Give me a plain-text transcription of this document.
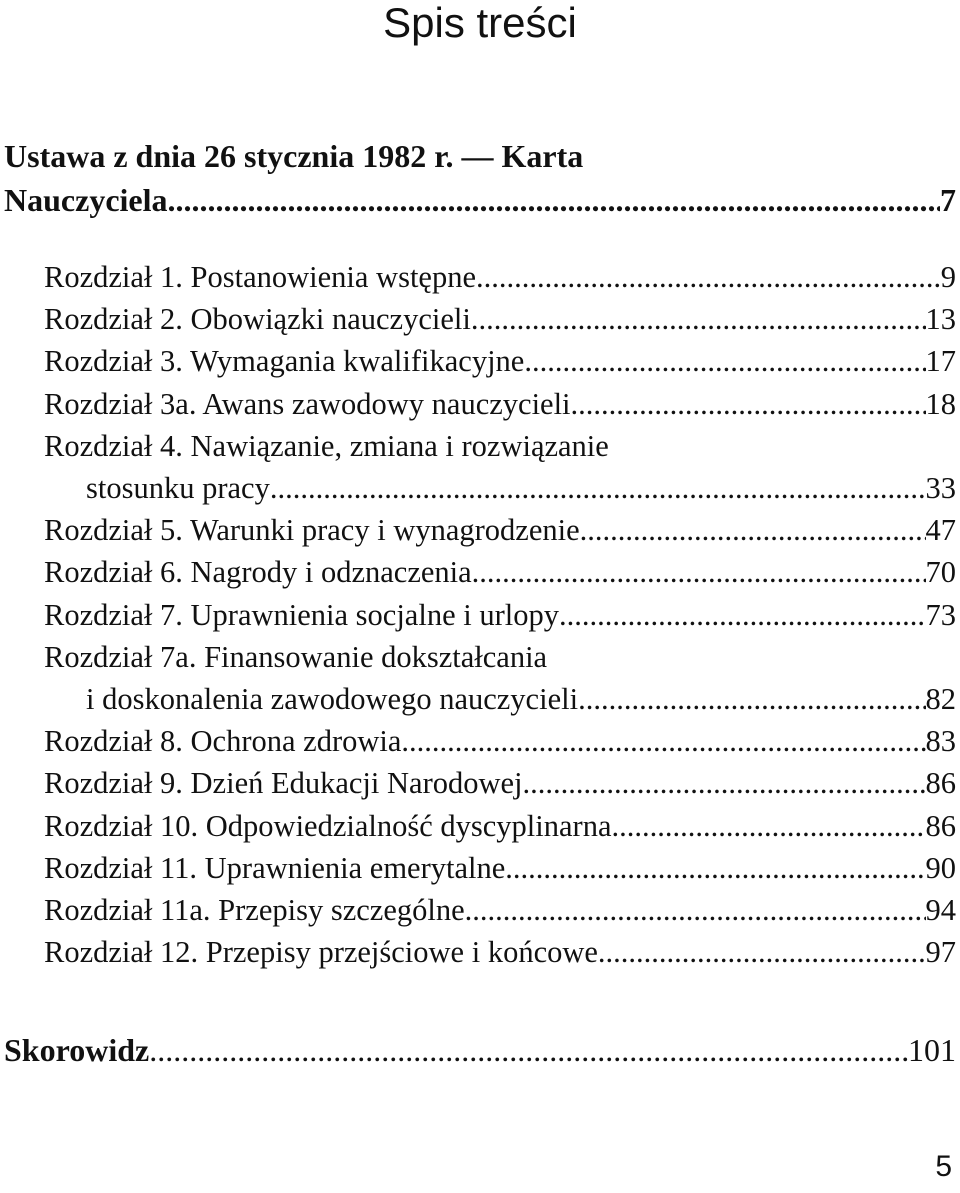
Spis treści
Ustawa z dnia 26 stycznia 1982 r. — Karta
Nauczyciela .....	7
Rozdział 1. Postanowienia wstępne .....	9
Rozdział 2. Obowiązki nauczycieli .....	13
Rozdział 3. Wymagania kwalifikacyjne .....	17
Rozdział 3a. Awans zawodowy nauczycieli .....	18
Rozdział 4. Nawiązanie, zmiana i rozwiązanie
stosunku pracy .....	33
Rozdział 5. Warunki pracy i wynagrodzenie .....	47
Rozdział 6. Nagrody i odznaczenia .....	70
Rozdział 7. Uprawnienia socjalne i urlopy .....	73
Rozdział 7a. Finansowanie dokształcania
i doskonalenia zawodowego nauczycieli .....	82
Rozdział 8. Ochrona zdrowia .....	83
Rozdział 9. Dzień Edukacji Narodowej .....	86
Rozdział 10. Odpowiedzialność dyscyplinarna .....	86
Rozdział 11. Uprawnienia emerytalne .....	90
Rozdział 11a. Przepisy szczególne .....	94
Rozdział 12. Przepisy przejściowe i końcowe .....	97
Skorowidz .....	101
5
